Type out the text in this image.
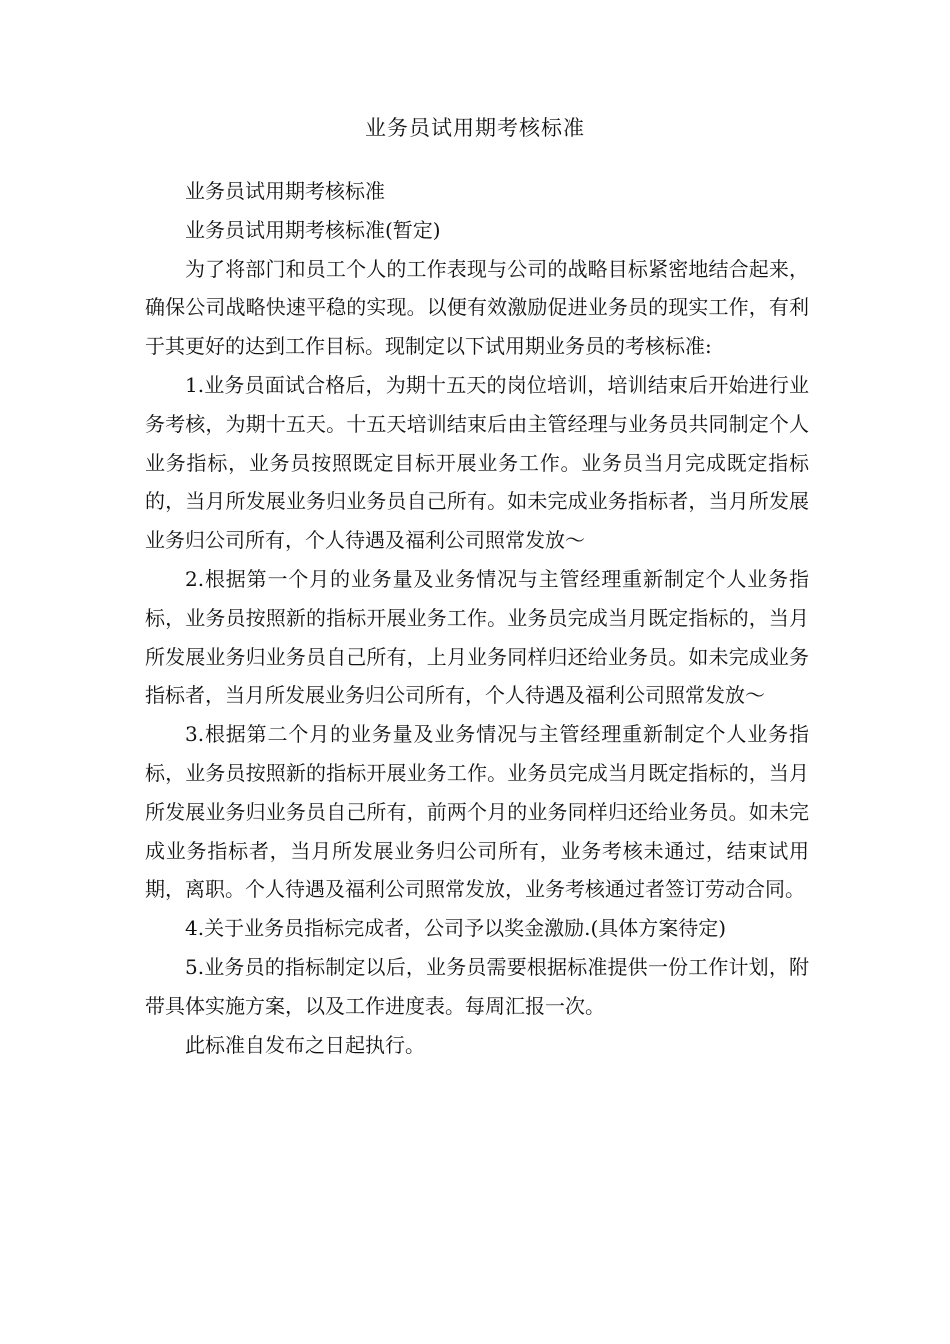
业务员试用期考核标准

业务员试用期考核标准

业务员试用期考核标准(暂定)

为了将部门和员工个人的工作表现与公司的战略目标紧密地结合起来，确保公司战略快速平稳的实现。以便有效激励促进业务员的现实工作，有利于其更好的达到工作目标。现制定以下试用期业务员的考核标准:

1.业务员面试合格后，为期十五天的岗位培训，培训结束后开始进行业务考核，为期十五天。十五天培训结束后由主管经理与业务员共同制定个人业务指标，业务员按照既定目标开展业务工作。业务员当月完成既定指标的，当月所发展业务归业务员自己所有。如未完成业务指标者，当月所发展业务归公司所有，个人待遇及福利公司照常发放～

2.根据第一个月的业务量及业务情况与主管经理重新制定个人业务指标，业务员按照新的指标开展业务工作。业务员完成当月既定指标的，当月所发展业务归业务员自己所有，上月业务同样归还给业务员。如未完成业务指标者，当月所发展业务归公司所有，个人待遇及福利公司照常发放～

3.根据第二个月的业务量及业务情况与主管经理重新制定个人业务指标，业务员按照新的指标开展业务工作。业务员完成当月既定指标的，当月所发展业务归业务员自己所有，前两个月的业务同样归还给业务员。如未完成业务指标者，当月所发展业务归公司所有，业务考核未通过，结束试用期，离职。个人待遇及福利公司照常发放，业务考核通过者签订劳动合同。

4.关于业务员指标完成者，公司予以奖金激励.(具体方案待定)

5.业务员的指标制定以后，业务员需要根据标准提供一份工作计划，附带具体实施方案，以及工作进度表。每周汇报一次。

此标准自发布之日起执行。
